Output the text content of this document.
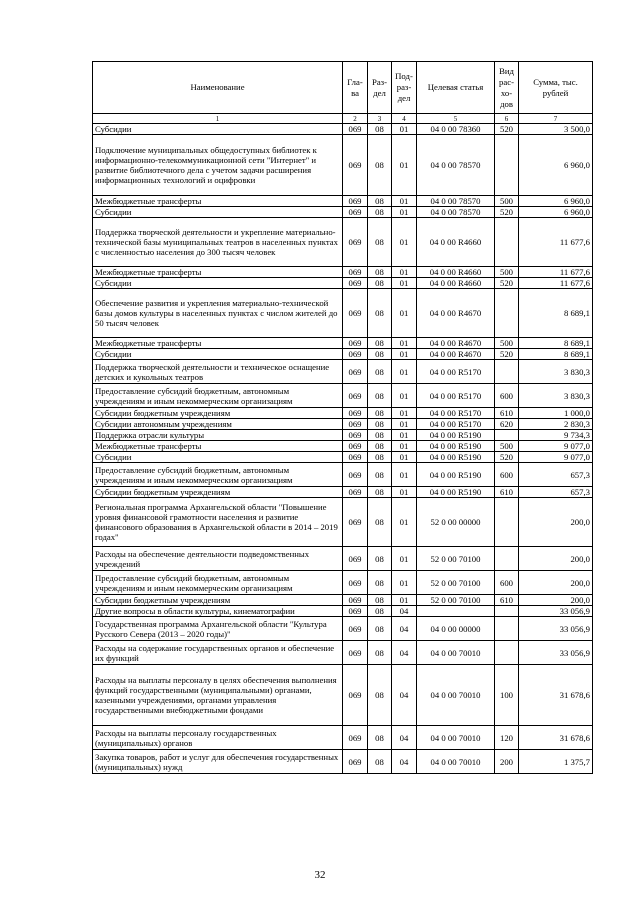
Наименование	Гла-ва	Раз-дел	Под-раз-дел	Целевая статья	Вид рас-хо-дов	Сумма, тыс. рублей
1	2	3	4	5	6	7
Субсидии	069	08	01	04 0 00 78360	520	3 500,0
Подключение муниципальных общедоступных библиотек к информационно-телекоммуникационной сети "Интернет" и развитие библиотечного дела с учетом задачи расширения информационных технологий и оцифровки	069	08	01	04 0 00 78570		6 960,0
Межбюджетные трансферты	069	08	01	04 0 00 78570	500	6 960,0
Субсидии	069	08	01	04 0 00 78570	520	6 960,0
Поддержка творческой деятельности и укрепление материально-технической базы муниципальных театров в населенных пунктах с численностью населения до 300 тысяч человек	069	08	01	04 0 00 R4660		11 677,6
Межбюджетные трансферты	069	08	01	04 0 00 R4660	500	11 677,6
Субсидии	069	08	01	04 0 00 R4660	520	11 677,6
Обеспечение развития и укрепления материально-технической базы домов культуры в населенных пунктах с числом жителей до 50 тысяч человек	069	08	01	04 0 00 R4670		8 689,1
Межбюджетные трансферты	069	08	01	04 0 00 R4670	500	8 689,1
Субсидии	069	08	01	04 0 00 R4670	520	8 689,1
Поддержка творческой деятельности и техническое оснащение детских и кукольных театров	069	08	01	04 0 00 R5170		3 830,3
Предоставление субсидий бюджетным, автономным учреждениям и иным некоммерческим организациям	069	08	01	04 0 00 R5170	600	3 830,3
Субсидии бюджетным учреждениям	069	08	01	04 0 00 R5170	610	1 000,0
Субсидии автономным учреждениям	069	08	01	04 0 00 R5170	620	2 830,3
Поддержка отрасли культуры	069	08	01	04 0 00 R5190		9 734,3
Межбюджетные трансферты	069	08	01	04 0 00 R5190	500	9 077,0
Субсидии	069	08	01	04 0 00 R5190	520	9 077,0
Предоставление субсидий бюджетным, автономным учреждениям и иным некоммерческим организациям	069	08	01	04 0 00 R5190	600	657,3
Субсидии бюджетным учреждениям	069	08	01	04 0 00 R5190	610	657,3
Региональная программа Архангельской области "Повышение уровня финансовой грамотности населения и развитие финансового образования в Архангельской области в 2014 – 2019 годах"	069	08	01	52 0 00 00000		200,0
Расходы на обеспечение деятельности подведомственных учреждений	069	08	01	52 0 00 70100		200,0
Предоставление субсидий бюджетным, автономным учреждениям и иным некоммерческим организациям	069	08	01	52 0 00 70100	600	200,0
Субсидии бюджетным учреждениям	069	08	01	52 0 00 70100	610	200,0
Другие вопросы в области культуры, кинематографии	069	08	04			33 056,9
Государственная программа Архангельской области "Культура Русского Севера (2013 – 2020 годы)"	069	08	04	04 0 00 00000		33 056,9
Расходы на содержание государственных органов и обеспечение их функций	069	08	04	04 0 00 70010		33 056,9
Расходы на выплаты персоналу в целях обеспечения выполнения функций государственными (муниципальными) органами, казенными учреждениями, органами управления государственными внебюджетными фондами	069	08	04	04 0 00 70010	100	31 678,6
Расходы на выплаты персоналу государственных (муниципальных) органов	069	08	04	04 0 00 70010	120	31 678,6
Закупка товаров, работ и услуг для обеспечения государственных (муниципальных) нужд	069	08	04	04 0 00 70010	200	1 375,7
32
